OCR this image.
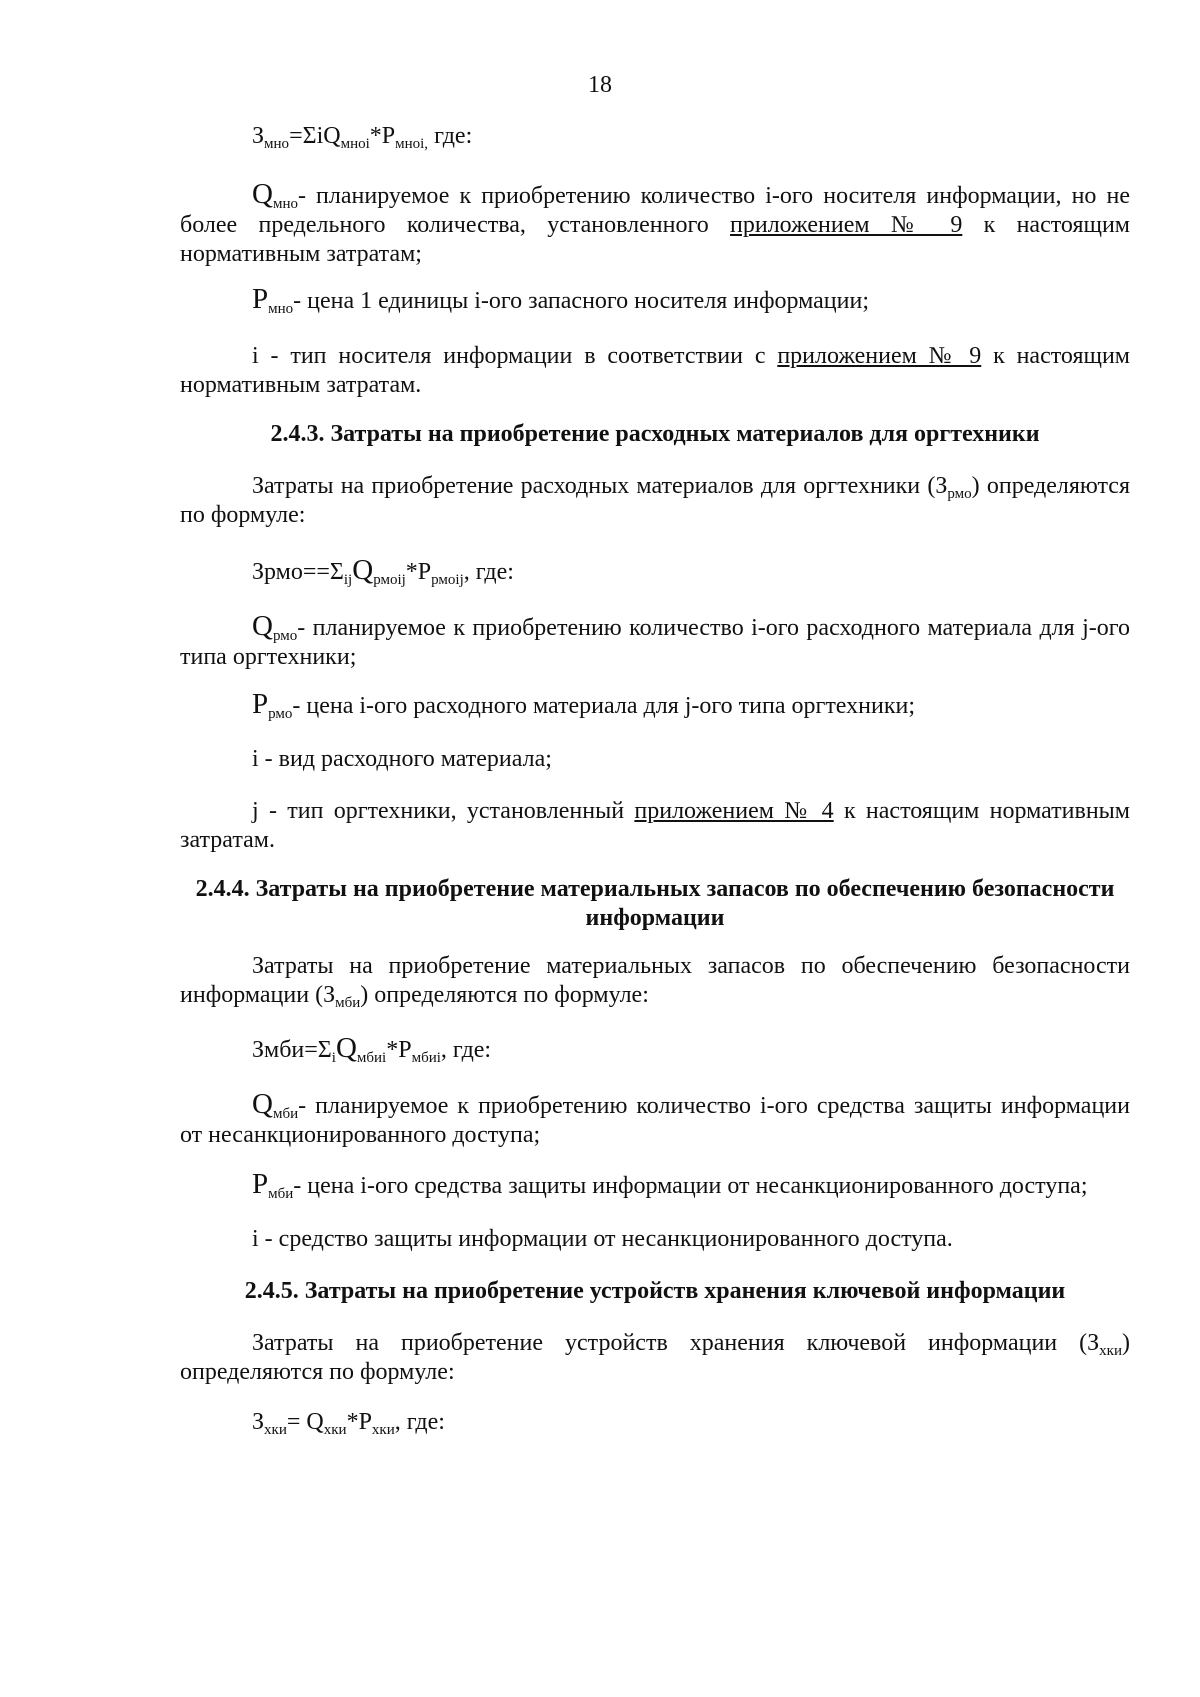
18

$З_{мно}=\Sigma iQ_{мноi}*P_{мноi,}$ где:

$Q_{мно}-$ планируемое к приобретению количество i-ого носителя информации, но не более предельного количества, установленного приложением № 9 к настоящим нормативным затратам;

$P_{мно}-$ цена 1 единицы i-ого запасного носителя информации;

i - тип носителя информации в соответствии с приложением № 9 к настоящим нормативным затратам.

2.4.3. Затраты на приобретение расходных материалов для оргтехники

Затраты на приобретение расходных материалов для оргтехники $(З_{рмо})$ определяются по формуле:

$Зрмо==\Sigma_{ij}Q_{рмоij}*P_{рмоij}$, где:

$Q_{рмо}-$ планируемое к приобретению количество i-ого расходного материала для j-ого типа оргтехники;

$P_{рмо}-$ цена i-ого расходного материала для j-ого типа оргтехники;

i - вид расходного материала;

j - тип оргтехники, установленный приложением № 4 к настоящим нормативным затратам.

2.4.4. Затраты на приобретение материальных запасов по обеспечению безопасности информации

Затраты на приобретение материальных запасов по обеспечению безопасности информации $(З_{мби})$ определяются по формуле:

$Змби=\Sigma_iQ_{мбиi}*P_{мбиi}$, где:

$Q_{мби}-$ планируемое к приобретению количество i-ого средства защиты информации от несанкционированного доступа;

$P_{мби}-$ цена i-ого средства защиты информации от несанкционированного доступа;

i - средство защиты информации от несанкционированного доступа.

2.4.5. Затраты на приобретение устройств хранения ключевой информации

Затраты на приобретение устройств хранения ключевой информации $(З_{хки})$ определяются по формуле:

$З_{хки}= Q_{хки}*P_{хки}$, где:
